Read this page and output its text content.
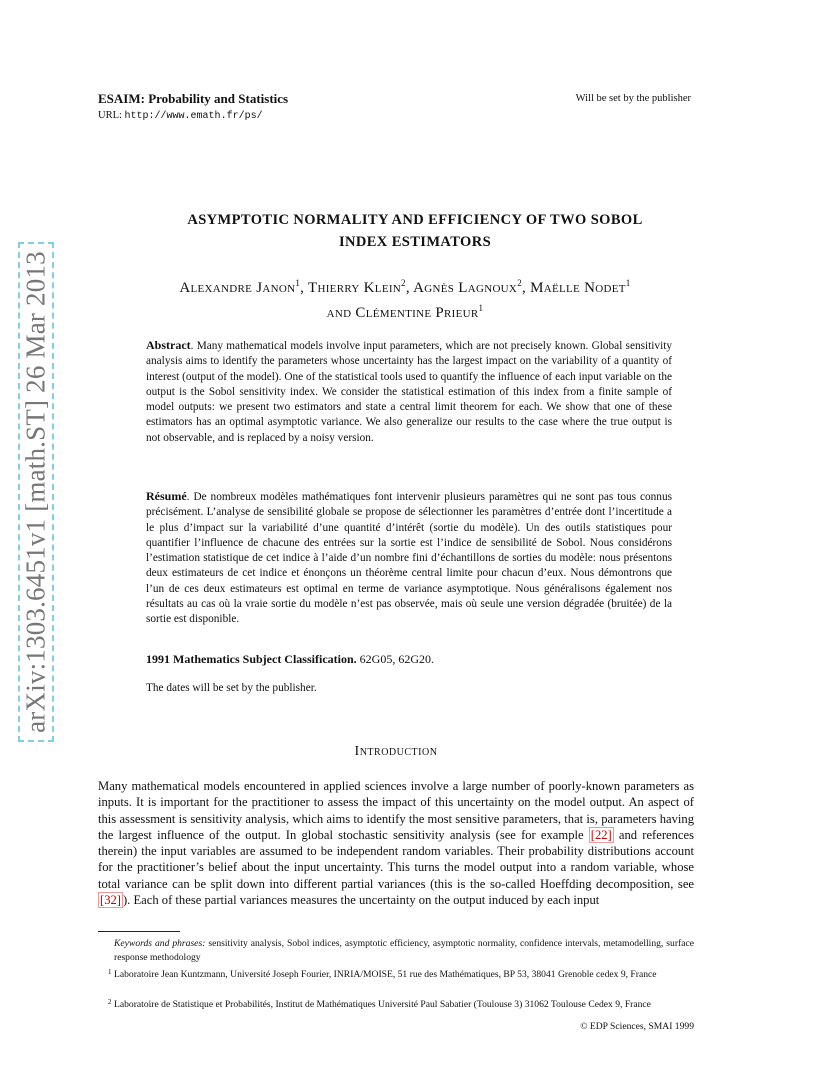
arXiv:1303.6451v1 [math.ST] 26 Mar 2013
ESAIM: Probability and Statistics	Will be set by the publisher
URL: http://www.emath.fr/ps/
ASYMPTOTIC NORMALITY AND EFFICIENCY OF TWO SOBOL
INDEX ESTIMATORS
Alexandre Janon$^1$, Thierry Klein$^2$, Agnès Lagnoux$^2$, Maëlle Nodet$^1$
and Clémentine Prieur$^1$
Abstract. Many mathematical models involve input parameters, which are not precisely known. Global sensitivity analysis aims to identify the parameters whose uncertainty has the largest impact on the variability of a quantity of interest (output of the model). One of the statistical tools used to quantify the influence of each input variable on the output is the Sobol sensitivity index. We consider the statistical estimation of this index from a finite sample of model outputs: we present two estimators and state a central limit theorem for each. We show that one of these estimators has an optimal asymptotic variance. We also generalize our results to the case where the true output is not observable, and is replaced by a noisy version.
Résumé. De nombreux modèles mathématiques font intervenir plusieurs paramètres qui ne sont pas tous connus précisément. L’analyse de sensibilité globale se propose de sélectionner les paramètres d’entrée dont l’incertitude a le plus d’impact sur la variabilité d’une quantité d’intérêt (sortie du modèle). Un des outils statistiques pour quantifier l’influence de chacune des entrées sur la sortie est l’indice de sensibilité de Sobol. Nous considérons l’estimation statistique de cet indice à l’aide d’un nombre fini d’échantillons de sorties du modèle: nous présentons deux estimateurs de cet indice et énonçons un théorème central limite pour chacun d’eux. Nous démontrons que l’un de ces deux estimateurs est optimal en terme de variance asymptotique. Nous généralisons également nos résultats au cas où la vraie sortie du modèle n’est pas observée, mais où seule une version dégradée (bruitée) de la sortie est disponible.
1991 Mathematics Subject Classification. 62G05, 62G20.
The dates will be set by the publisher.
Introduction
Many mathematical models encountered in applied sciences involve a large number of poorly-known parameters as inputs. It is important for the practitioner to assess the impact of this uncertainty on the model output. An aspect of this assessment is sensitivity analysis, which aims to identify the most sensitive parameters, that is, parameters having the largest influence of the output. In global stochastic sensitivity analysis (see for example [22] and references therein) the input variables are assumed to be independent random variables. Their probability distributions account for the practitioner’s belief about the input uncertainty. This turns the model output into a random variable, whose total variance can be split down into different partial variances (this is the so-called Hoeffding decomposition, see [32] ). Each of these partial variances measures the uncertainty on the output induced by each input
Keywords and phrases: sensitivity analysis, Sobol indices, asymptotic efficiency, asymptotic normality, confidence intervals, metamodelling, surface response methodology
1 Laboratoire Jean Kuntzmann, Université Joseph Fourier, INRIA/MOISE, 51 rue des Mathématiques, BP 53, 38041 Grenoble cedex 9, France
2 Laboratoire de Statistique et Probabilités, Institut de Mathématiques Université Paul Sabatier (Toulouse 3) 31062 Toulouse Cedex 9, France
© EDP Sciences, SMAI 1999
